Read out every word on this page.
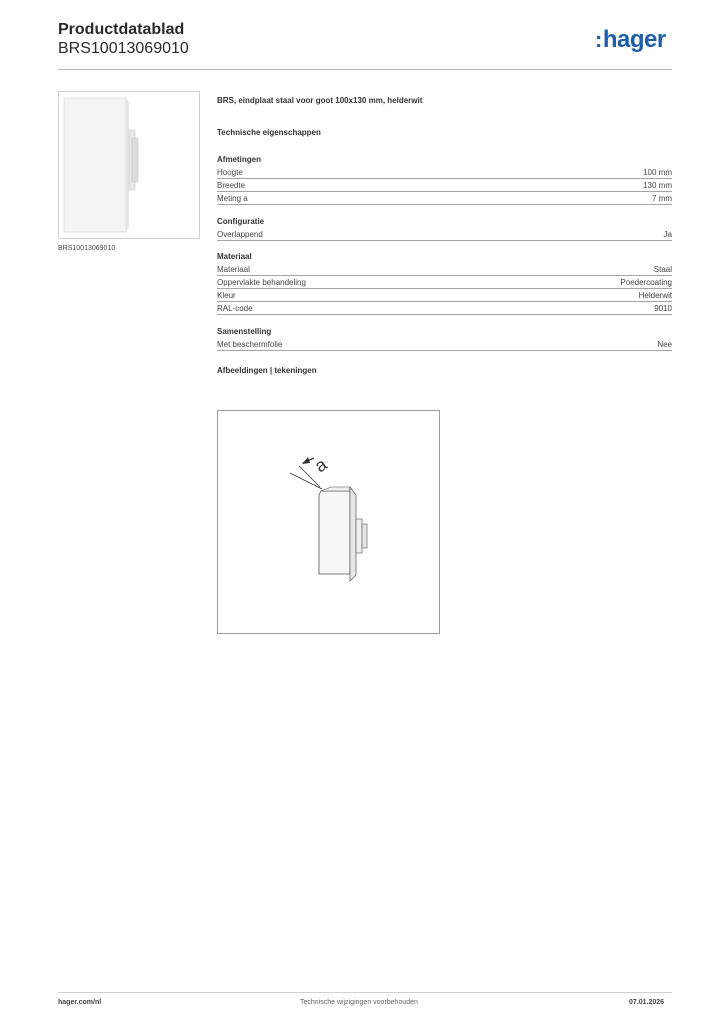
Productdatablad
BRS10013069010	:hager
BRS10013069010
BRS, eindplaat staal voor goot 100x130 mm, helderwit
Technische eigenschappen
Afmetingen
Hoogte	100 mm
Breedte	130 mm
Meting a	7 mm
Configuratie
Overlappend	Ja
Materiaal
Materiaal	Staal
Oppervlakte behandeling	Poedercoating
Kleur	Helderwit
RAL-code	9010
Samenstelling
Met beschermfolie	Nee
Afbeeldingen | tekeningen
a
hager.com/nl	Technische wijzigingen voorbehouden	07.01.2026
